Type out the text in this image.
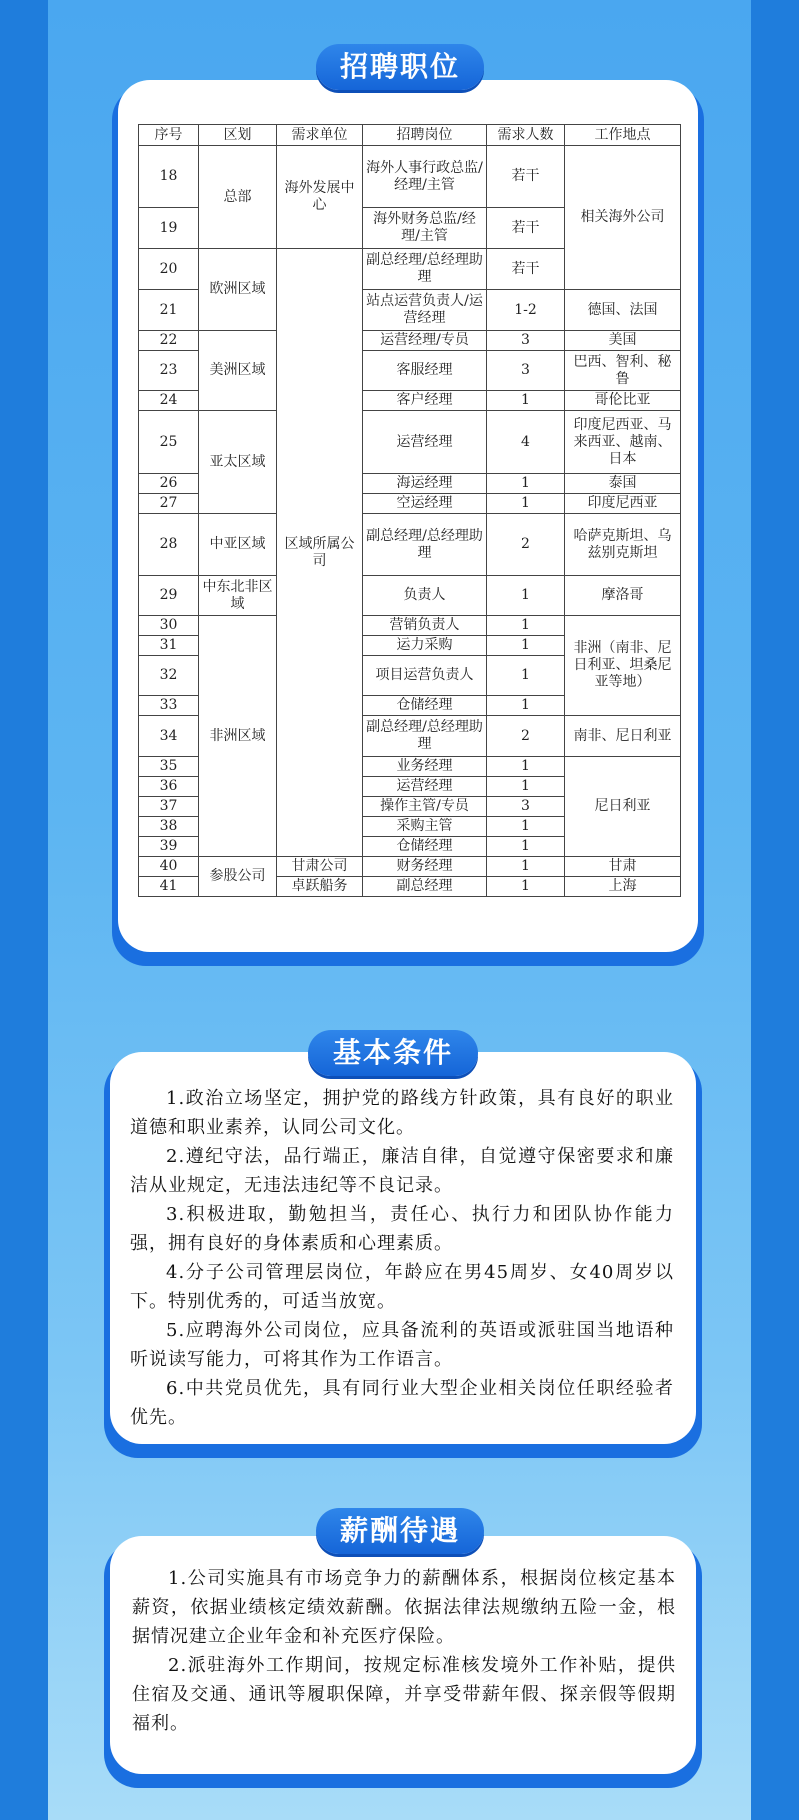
招聘职位
序号	区划	需求单位	招聘岗位	需求人数	工作地点
18	总部	海外发展中心	海外人事行政总监/经理/主管	若干	相关海外公司
19			海外财务总监/经理/主管	若干	
20	欧洲区域	区域所属公司	副总经理/总经理助理	若干	
21			站点运营负责人/运营经理	1-2	德国、法国
22	美洲区域		运营经理/专员	3	美国
23			客服经理	3	巴西、智利、秘鲁
24			客户经理	1	哥伦比亚
25	亚太区域		运营经理	4	印度尼西亚、马来西亚、越南、日本
26			海运经理	1	泰国
27			空运经理	1	印度尼西亚
28	中亚区域		副总经理/总经理助理	2	哈萨克斯坦、乌兹别克斯坦
29	中东北非区域		负责人	1	摩洛哥
30	非洲区域		营销负责人	1	非洲（南非、尼日利亚、坦桑尼亚等地）
31			运力采购	1	
32			项目运营负责人	1	
33			仓储经理	1	
34			副总经理/总经理助理	2	南非、尼日利亚
35			业务经理	1	尼日利亚
36			运营经理	1	
37			操作主管/专员	3	
38			采购主管	1	
39			仓储经理	1	
40	参股公司	甘肃公司	财务经理	1	甘肃
41		卓跃船务	副总经理	1	上海
基本条件

1.政治立场坚定，拥护党的路线方针政策，具有良好的职业道德和职业素养，认同公司文化。

2.遵纪守法，品行端正，廉洁自律，自觉遵守保密要求和廉洁从业规定，无违法违纪等不良记录。

3.积极进取，勤勉担当，责任心、执行力和团队协作能力强，拥有良好的身体素质和心理素质。

4.分子公司管理层岗位，年龄应在男45周岁、女40周岁以下。特别优秀的，可适当放宽。

5.应聘海外公司岗位，应具备流利的英语或派驻国当地语种听说读写能力，可将其作为工作语言。

6.中共党员优先，具有同行业大型企业相关岗位任职经验者优先。

薪酬待遇

1.公司实施具有市场竞争力的薪酬体系，根据岗位核定基本薪资，依据业绩核定绩效薪酬。依据法律法规缴纳五险一金，根据情况建立企业年金和补充医疗保险。

2.派驻海外工作期间，按规定标准核发境外工作补贴，提供住宿及交通、通讯等履职保障，并享受带薪年假、探亲假等假期福利。
